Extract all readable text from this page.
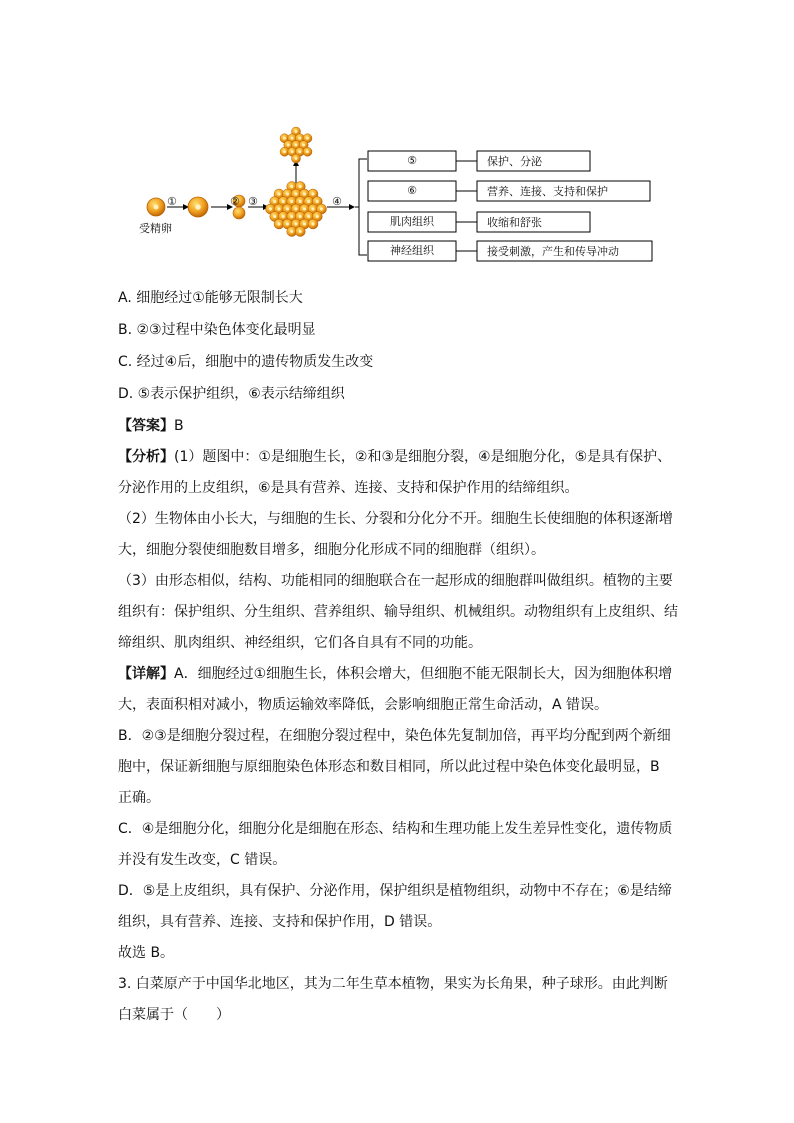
受精卵
①	② ③	④
⑤
⑥
肌肉组织
神经组织
保护、分泌
营养、连接、支持和保护
收缩和舒张
接受刺激，产生和传导冲动

A. 细胞经过①能够无限制长大

B. ②③过程中染色体变化最明显

C. 经过④后，细胞中的遗传物质发生改变

D. ⑤表示保护组织，⑥表示结缔组织

【答案】B

【分析】(1）题图中：①是细胞生长，②和③是细胞分裂，④是细胞分化，⑤是具有保护、分泌作用的上皮组织，⑥是具有营养、连接、支持和保护作用的结缔组织。

（2）生物体由小长大，与细胞的生长、分裂和分化分不开。细胞生长使细胞的体积逐渐增大，细胞分裂使细胞数目增多，细胞分化形成不同的细胞群（组织）。

（3）由形态相似，结构、功能相同的细胞联合在一起形成的细胞群叫做组织。植物的主要组织有：保护组织、分生组织、营养组织、输导组织、机械组织。动物组织有上皮组织、结缔组织、肌肉组织、神经组织，它们各自具有不同的功能。

【详解】A．细胞经过①细胞生长，体积会增大，但细胞不能无限制长大，因为细胞体积增大，表面积相对减小，物质运输效率降低，会影响细胞正常生命活动，A 错误。

B．②③是细胞分裂过程，在细胞分裂过程中，染色体先复制加倍，再平均分配到两个新细胞中，保证新细胞与原细胞染色体形态和数目相同，所以此过程中染色体变化最明显，B 正确。

C．④是细胞分化，细胞分化是细胞在形态、结构和生理功能上发生差异性变化，遗传物质并没有发生改变，C 错误。

D．⑤是上皮组织，具有保护、分泌作用，保护组织是植物组织，动物中不存在；⑥是结缔组织，具有营养、连接、支持和保护作用，D 错误。

故选 B。

3. 白菜原产于中国华北地区，其为二年生草本植物，果实为长角果，种子球形。由此判断白菜属于（　　）
